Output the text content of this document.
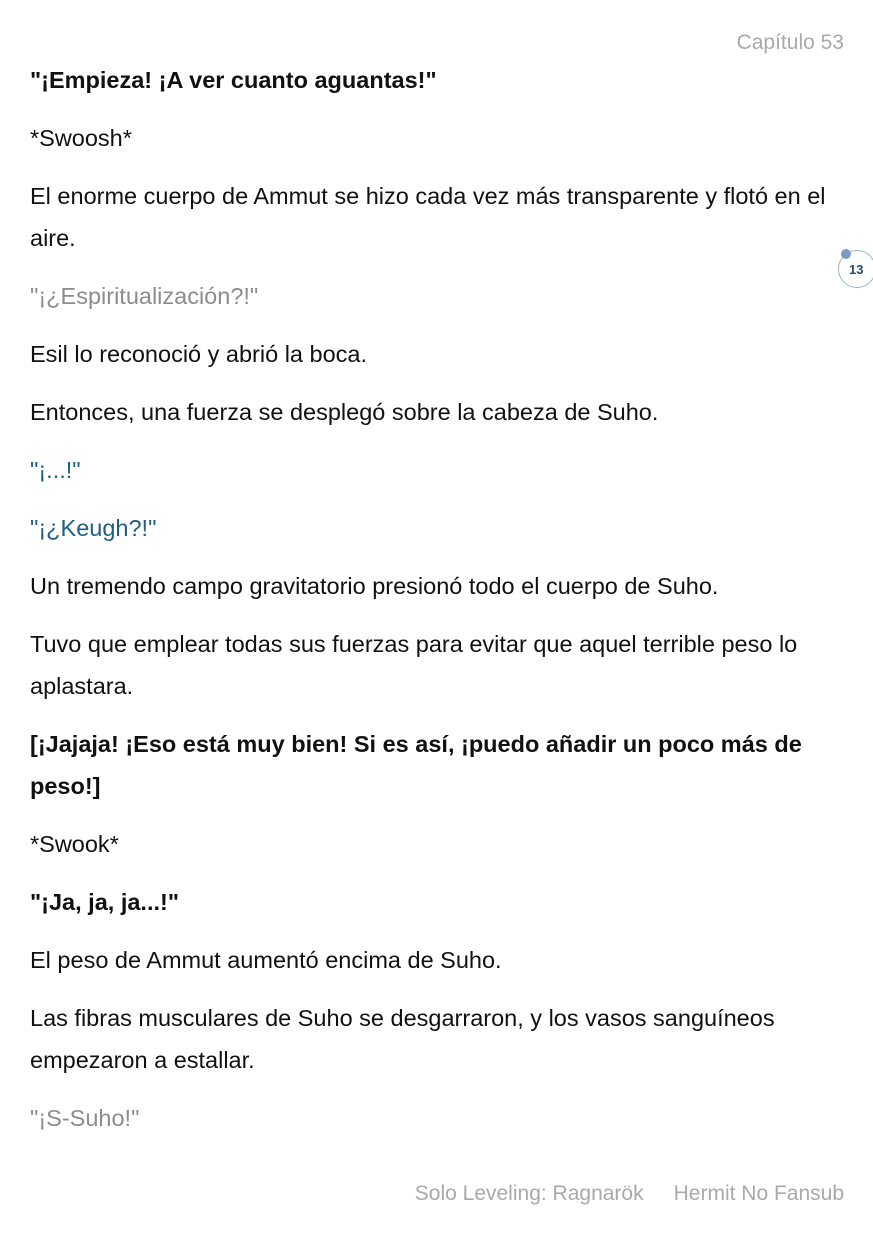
Capítulo 53

"¡Empieza! ¡A ver cuanto aguantas!"

*Swoosh*

El enorme cuerpo de Ammut se hizo cada vez más transparente y flotó en el aire.

"¡¿Espiritualización?!"

Esil lo reconoció y abrió la boca.

Entonces, una fuerza se desplegó sobre la cabeza de Suho.

"¡...!"

"¡¿Keugh?!"

Un tremendo campo gravitatorio presionó todo el cuerpo de Suho.

Tuvo que emplear todas sus fuerzas para evitar que aquel terrible peso lo aplastara.

[¡Jajaja! ¡Eso está muy bien! Si es así, ¡puedo añadir un poco más de peso!]

*Swook*

"¡Ja, ja, ja...!"

El peso de Ammut aumentó encima de Suho.

Las fibras musculares de Suho se desgarraron, y los vasos sanguíneos empezaron a estallar.

"¡S-Suho!"

13
Solo Leveling: Ragnarök Hermit No Fansub
